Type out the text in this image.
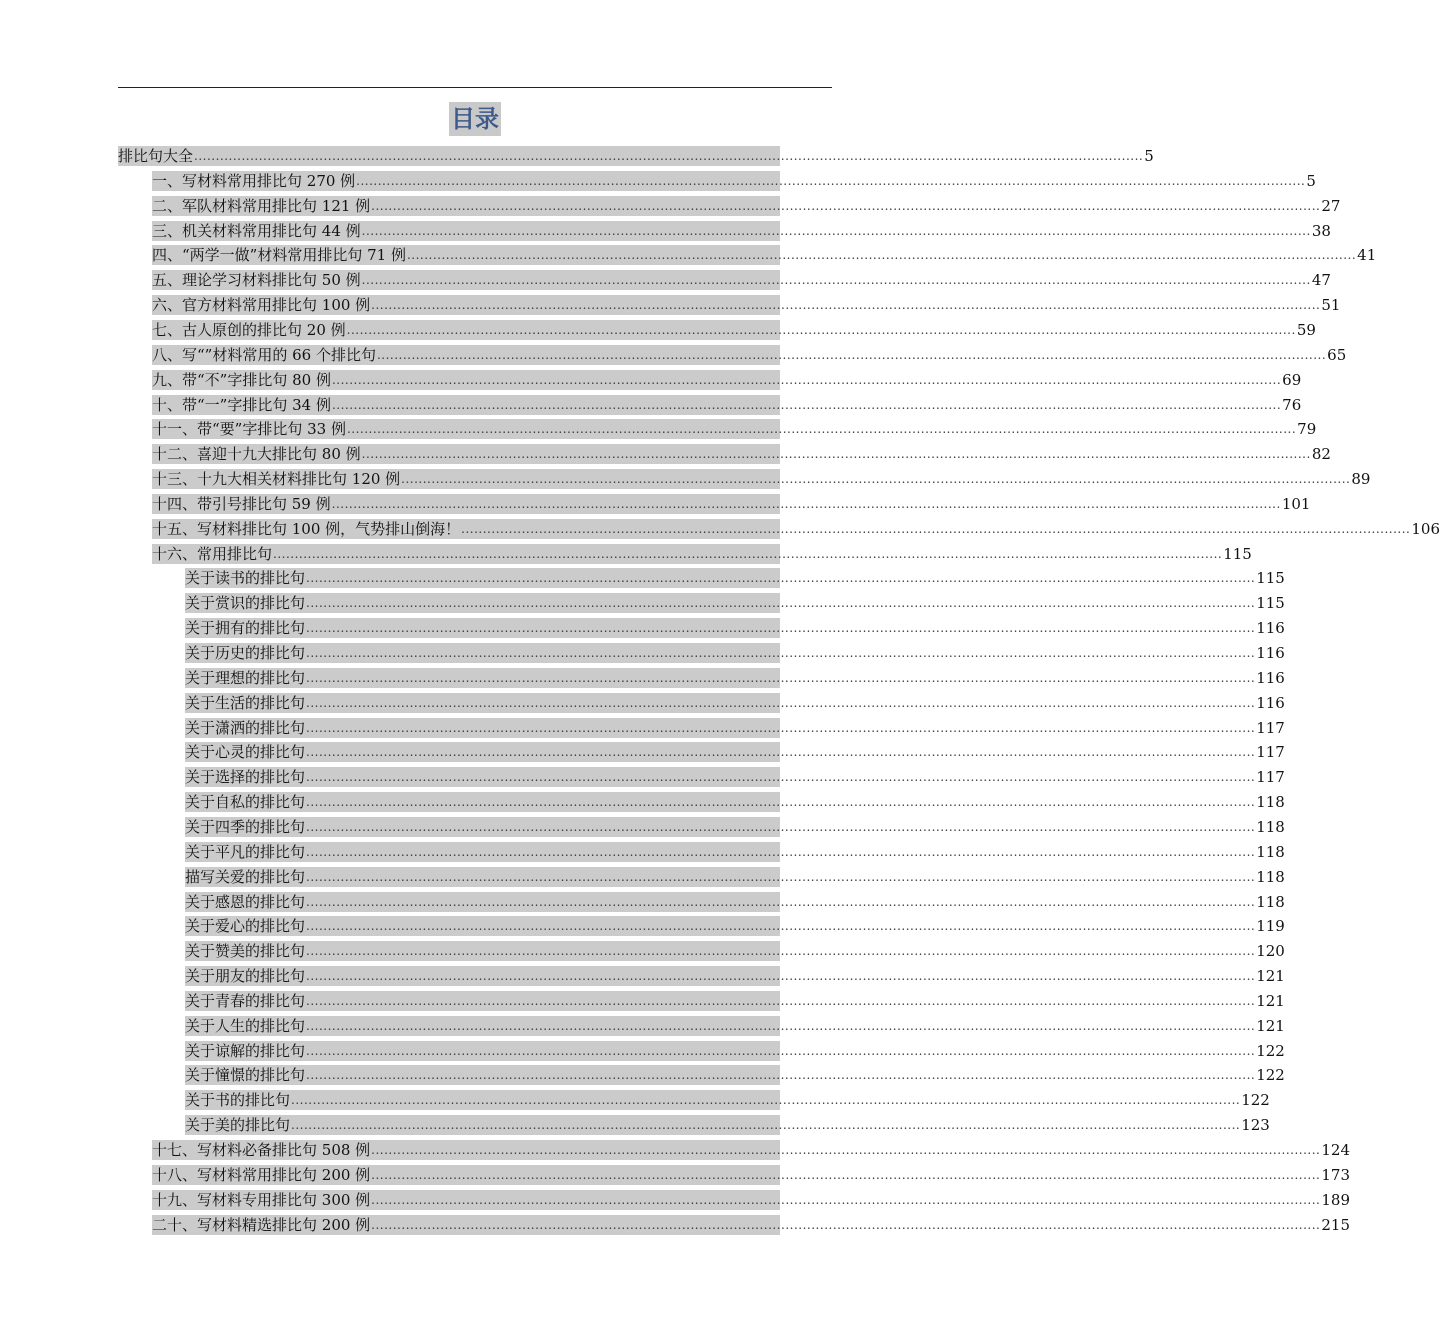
目录
排比句大全 ............................................................................................................................................................................................................................ 5
一、写材料常用排比句 270 例 ............................................................................................................................................................................................................................ 5
二、军队材料常用排比句 121 例 ............................................................................................................................................................................................................................ 27
三、机关材料常用排比句 44 例 ............................................................................................................................................................................................................................ 38
四、“两学一做”材料常用排比句 71 例 ............................................................................................................................................................................................................................ 41
五、理论学习材料排比句 50 例 ............................................................................................................................................................................................................................ 47
六、官方材料常用排比句 100 例 ............................................................................................................................................................................................................................ 51
七、古人原创的排比句 20 例 ............................................................................................................................................................................................................................ 59
八、写“”材料常用的 66 个排比句 ............................................................................................................................................................................................................................ 65
九、带“不”字排比句 80 例 ............................................................................................................................................................................................................................ 69
十、带“一”字排比句 34 例 ............................................................................................................................................................................................................................ 76
十一、带“要”字排比句 33 例 ............................................................................................................................................................................................................................ 79
十二、喜迎十九大排比句 80 例 ............................................................................................................................................................................................................................ 82
十三、十九大相关材料排比句 120 例 ............................................................................................................................................................................................................................ 89
十四、带引号排比句 59 例 ............................................................................................................................................................................................................................ 101
十五、写材料排比句 100 例，气势排山倒海！ ............................................................................................................................................................................................................................ 106
十六、常用排比句 ............................................................................................................................................................................................................................ 115
关于读书的排比句 ............................................................................................................................................................................................................................ 115
关于赏识的排比句 ............................................................................................................................................................................................................................ 115
关于拥有的排比句 ............................................................................................................................................................................................................................ 116
关于历史的排比句 ............................................................................................................................................................................................................................ 116
关于理想的排比句 ............................................................................................................................................................................................................................ 116
关于生活的排比句 ............................................................................................................................................................................................................................ 116
关于潇洒的排比句 ............................................................................................................................................................................................................................ 117
关于心灵的排比句 ............................................................................................................................................................................................................................ 117
关于选择的排比句 ............................................................................................................................................................................................................................ 117
关于自私的排比句 ............................................................................................................................................................................................................................ 118
关于四季的排比句 ............................................................................................................................................................................................................................ 118
关于平凡的排比句 ............................................................................................................................................................................................................................ 118
描写关爱的排比句 ............................................................................................................................................................................................................................ 118
关于感恩的排比句 ............................................................................................................................................................................................................................ 118
关于爱心的排比句 ............................................................................................................................................................................................................................ 119
关于赞美的排比句 ............................................................................................................................................................................................................................ 120
关于朋友的排比句 ............................................................................................................................................................................................................................ 121
关于青春的排比句 ............................................................................................................................................................................................................................ 121
关于人生的排比句 ............................................................................................................................................................................................................................ 121
关于谅解的排比句 ............................................................................................................................................................................................................................ 122
关于憧憬的排比句 ............................................................................................................................................................................................................................ 122
关于书的排比句 ............................................................................................................................................................................................................................ 122
关于美的排比句 ............................................................................................................................................................................................................................ 123
十七、写材料必备排比句 508 例 ............................................................................................................................................................................................................................ 124
十八、写材料常用排比句 200 例 ............................................................................................................................................................................................................................ 173
十九、写材料专用排比句 300 例 ............................................................................................................................................................................................................................ 189
二十、写材料精选排比句 200 例 ............................................................................................................................................................................................................................ 215
